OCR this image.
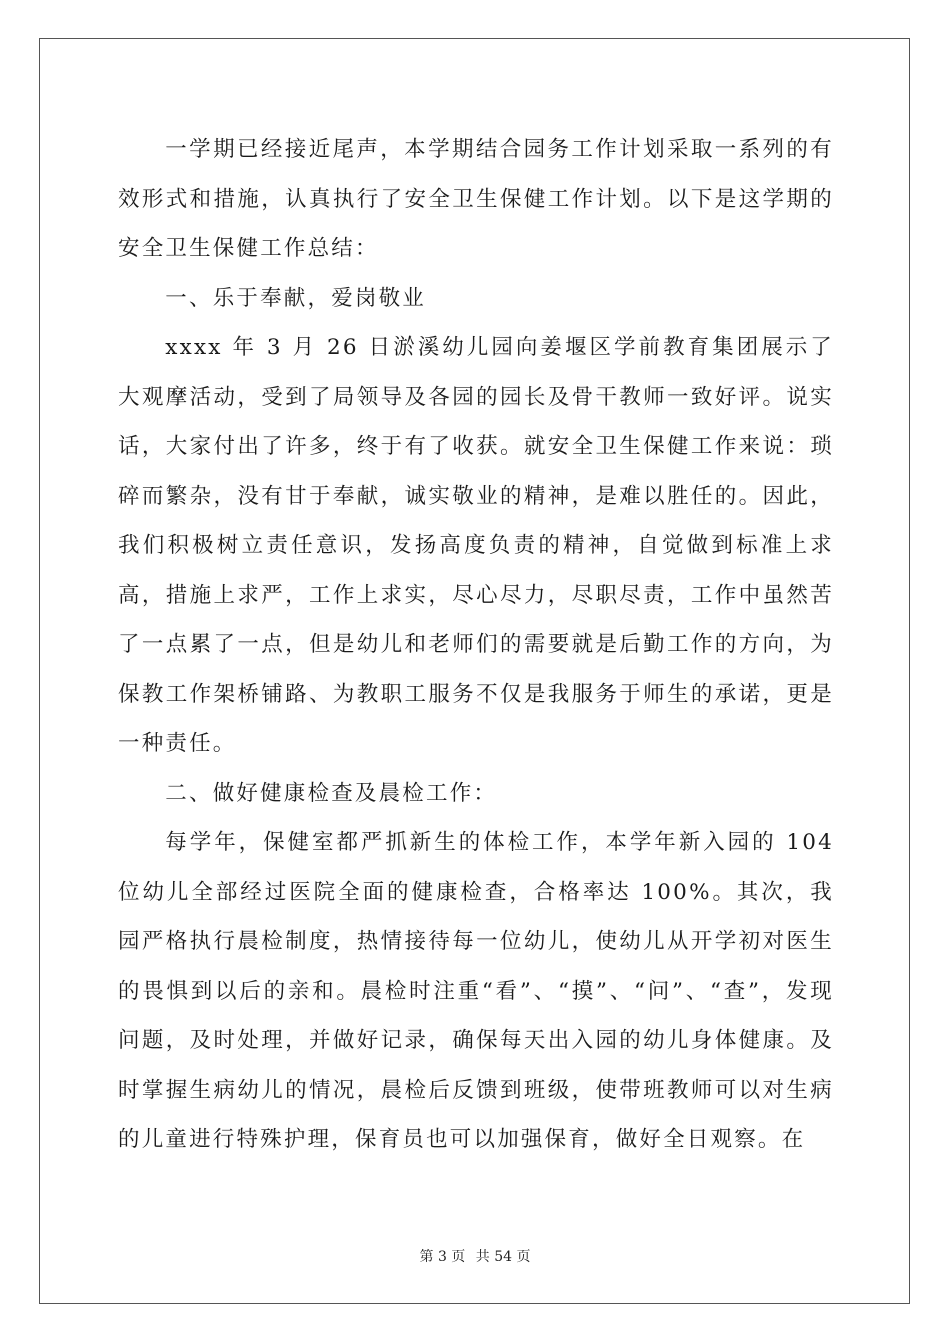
一学期已经接近尾声，本学期结合园务工作计划采取一系列的有效形式和措施，认真执行了安全卫生保健工作计划。以下是这学期的安全卫生保健工作总结：

一、乐于奉献，爱岗敬业

xxxx 年 3 月 26 日淤溪幼儿园向姜堰区学前教育集团展示了大观摩活动，受到了局领导及各园的园长及骨干教师一致好评。说实话，大家付出了许多，终于有了收获。就安全卫生保健工作来说：琐碎而繁杂，没有甘于奉献，诚实敬业的精神，是难以胜任的。因此，我们积极树立责任意识，发扬高度负责的精神，自觉做到标准上求高，措施上求严，工作上求实，尽心尽力，尽职尽责，工作中虽然苦了一点累了一点，但是幼儿和老师们的需要就是后勤工作的方向，为保教工作架桥铺路、为教职工服务不仅是我服务于师生的承诺，更是一种责任。

二、做好健康检查及晨检工作：

每学年，保健室都严抓新生的体检工作，本学年新入园的 104 位幼儿全部经过医院全面的健康检查，合格率达 100%。其次，我园严格执行晨检制度，热情接待每一位幼儿，使幼儿从开学初对医生的畏惧到以后的亲和。晨检时注重“看”、“摸”、“问”、“查”，发现问题，及时处理，并做好记录，确保每天出入园的幼儿身体健康。及时掌握生病幼儿的情况，晨检后反馈到班级，使带班教师可以对生病的儿童进行特殊护理，保育员也可以加强保育，做好全日观察。在

第 3 页 共 54 页
